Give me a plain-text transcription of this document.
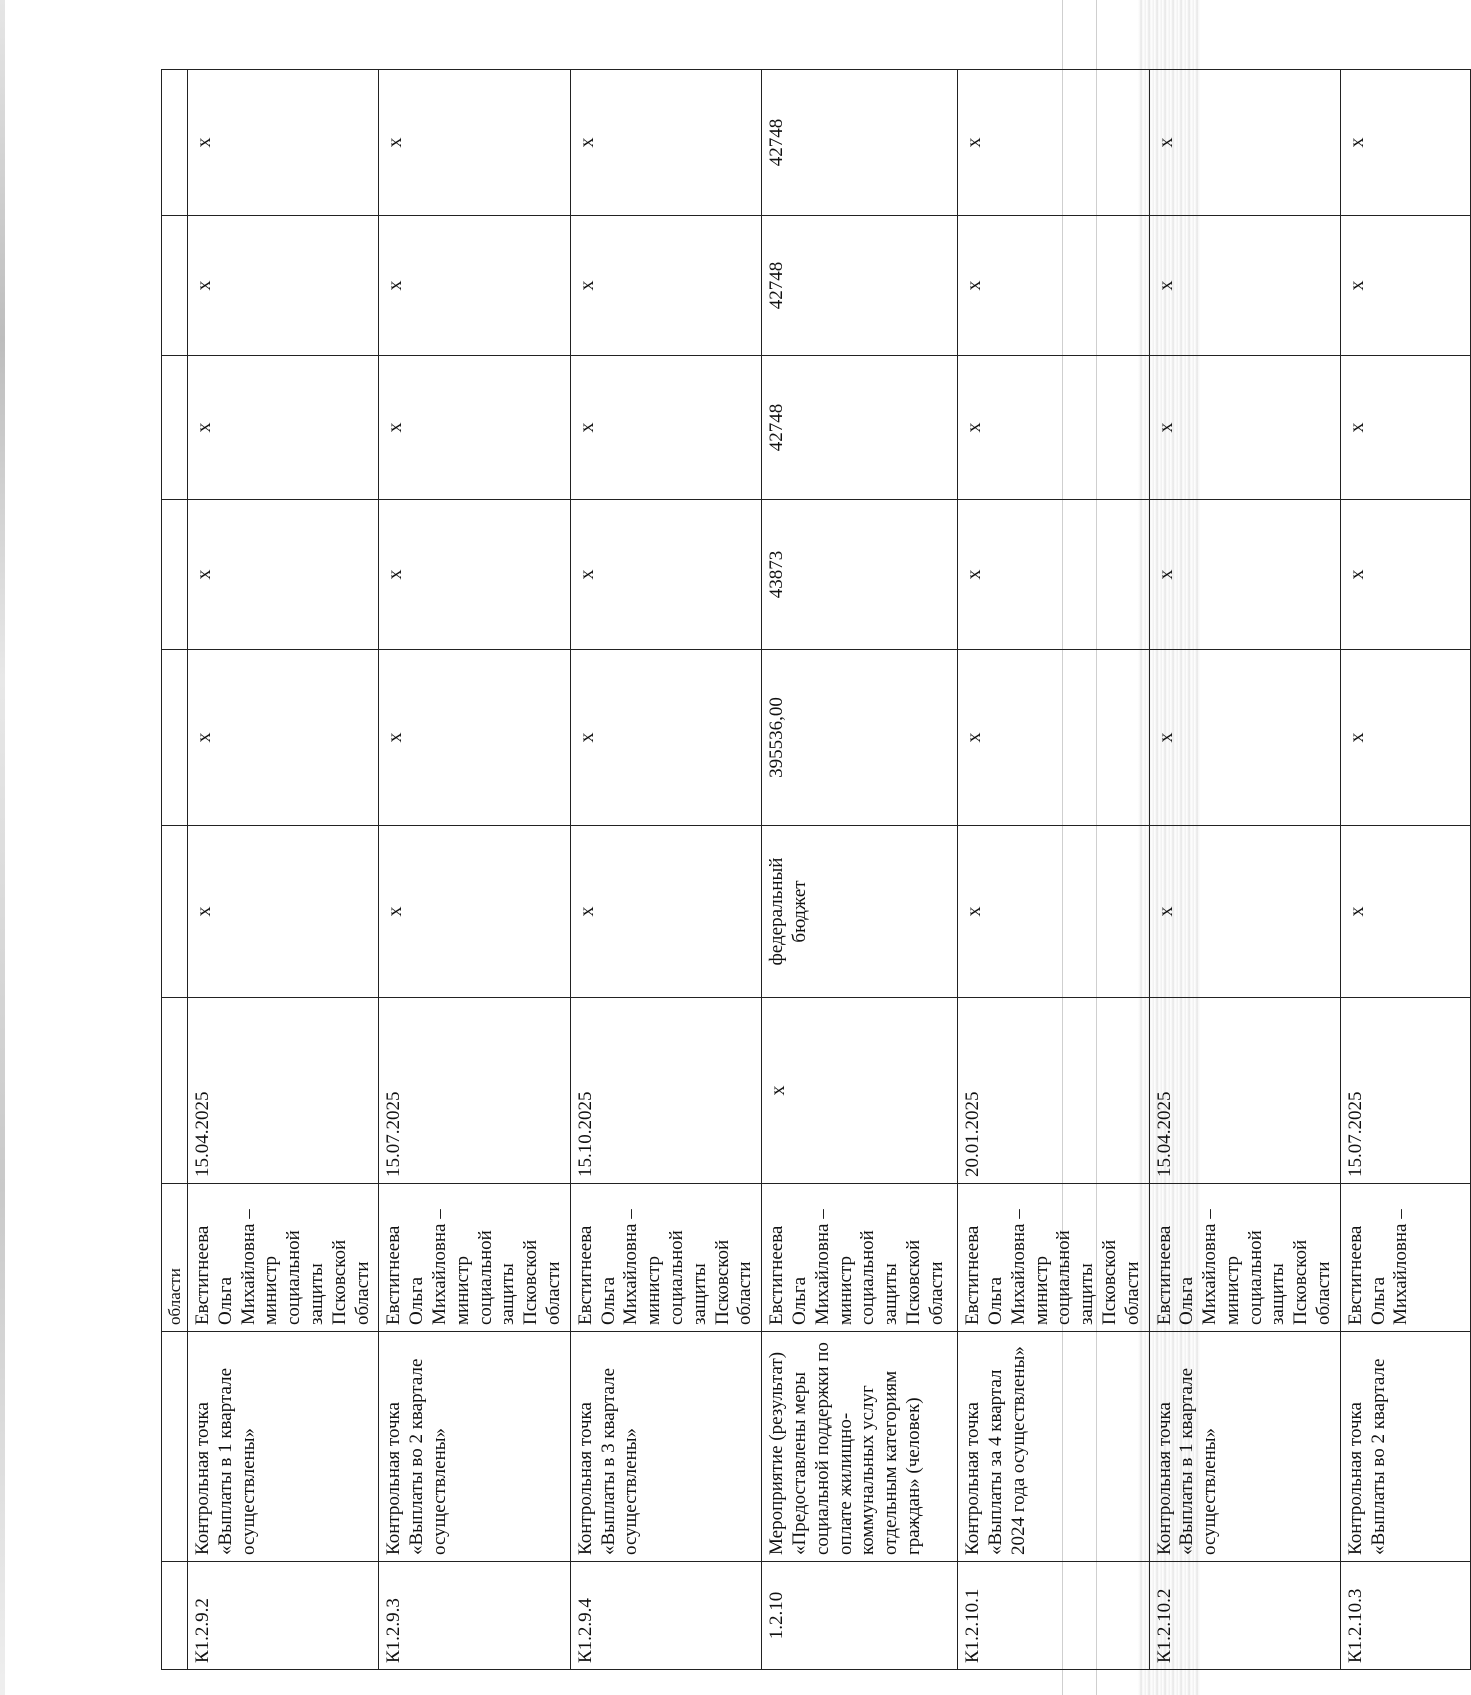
		области							
К1.2.9.2	Контрольная точка «Выплаты в 1 квартале осуществлены»	Евстигнеева Ольга Михайловна – министр социальной защиты Псковской области	15.04.2025	x	x	x	x	x	x
К1.2.9.3	Контрольная точка «Выплаты во 2 квартале осуществлены»	Евстигнеева Ольга Михайловна – министр социальной защиты Псковской области	15.07.2025	x	x	x	x	x	x
К1.2.9.4	Контрольная точка «Выплаты в 3 квартале осуществлены»	Евстигнеева Ольга Михайловна – министр социальной защиты Псковской области	15.10.2025	x	x	x	x	x	x
1.2.10	Мероприятие (результат) «Предоставлены меры социальной поддержки по оплате жилищно-коммунальных услуг отдельным категориям граждан» (человек)	Евстигнеева Ольга Михайловна – министр социальной защиты Псковской области	x	федеральный бюджет	395536,00	43873	42748	42748	42748
К1.2.10.1	Контрольная точка «Выплаты за 4 квартал 2024 года осуществлены»	Евстигнеева Ольга Михайловна – министр социальной защиты Псковской области	20.01.2025	x	x	x	x	x	x
К1.2.10.2	Контрольная точка «Выплаты в 1 квартале осуществлены»	Евстигнеева Ольга Михайловна – министр социальной защиты Псковской области	15.04.2025	x	x	x	x	x	x
К1.2.10.3	Контрольная точка «Выплаты во 2 квартале	Евстигнеева Ольга Михайловна –	15.07.2025	x	x	x	x	x	x
